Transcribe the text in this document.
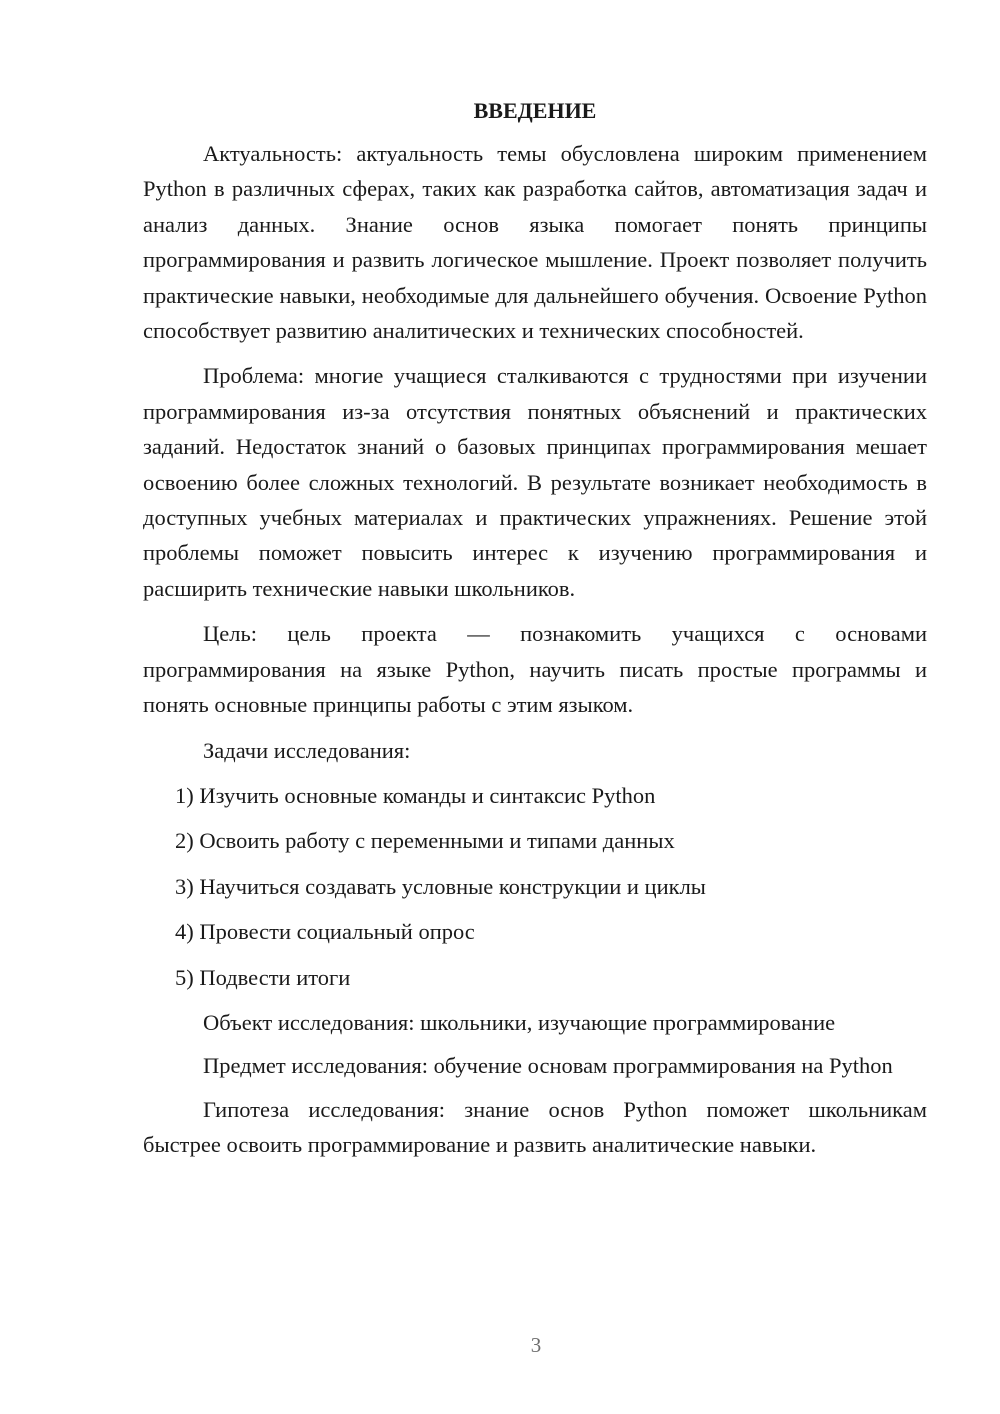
ВВЕДЕНИЕ

Актуальность: актуальность темы обусловлена широким применением Python в различных сферах, таких как разработка сайтов, автоматизация задач и анализ данных. Знание основ языка помогает понять принципы программирования и развить логическое мышление. Проект позволяет получить практические навыки, необходимые для дальнейшего обучения. Освоение Python способствует развитию аналитических и технических способностей.

Проблема: многие учащиеся сталкиваются с трудностями при изучении программирования из-за отсутствия понятных объяснений и практических заданий. Недостаток знаний о базовых принципах программирования мешает освоению более сложных технологий. В результате возникает необходимость в доступных учебных материалах и практических упражнениях. Решение этой проблемы поможет повысить интерес к изучению программирования и расширить технические навыки школьников.

Цель: цель проекта — познакомить учащихся с основами программирования на языке Python, научить писать простые программы и понять основные принципы работы с этим языком.

Задачи исследования:
1) Изучить основные команды и синтаксис Python
2) Освоить работу с переменными и типами данных
3) Научиться создавать условные конструкции и циклы
4) Провести социальный опрос
5) Подвести итоги

Объект исследования: школьники, изучающие программирование

Предмет исследования: обучение основам программирования на Python

Гипотеза исследования: знание основ Python поможет школьникам быстрее освоить программирование и развить аналитические навыки.

3
